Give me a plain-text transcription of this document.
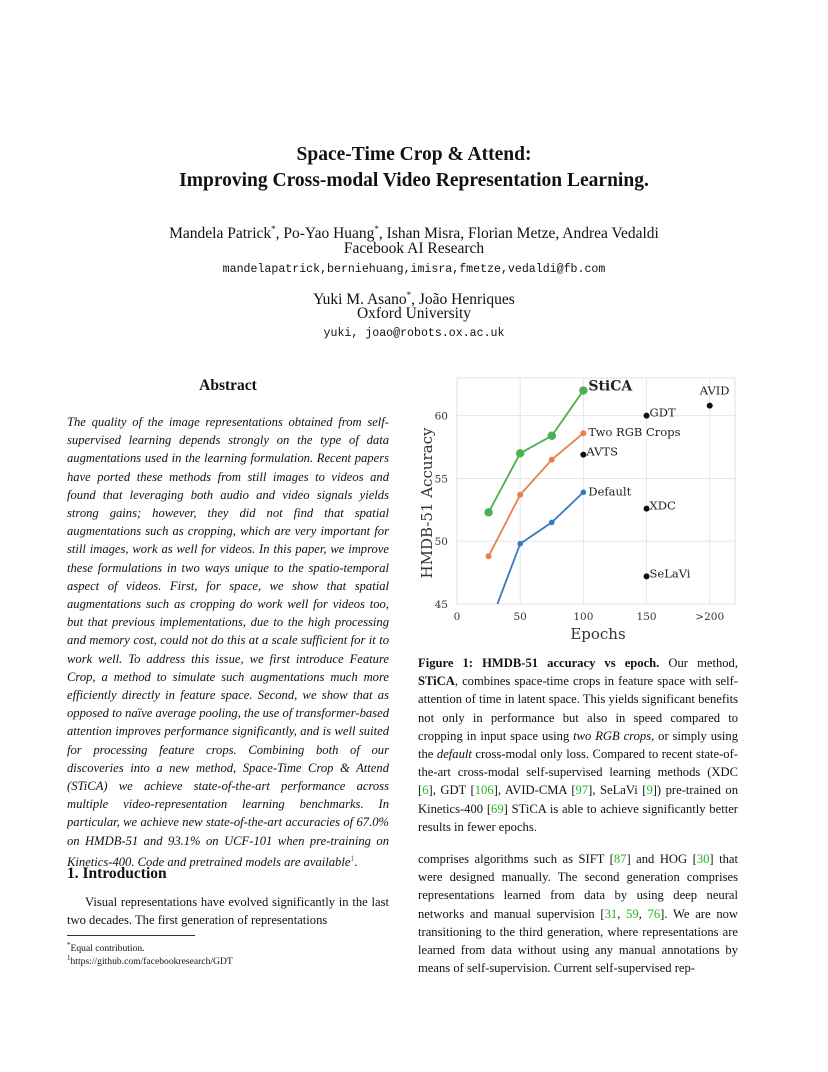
Space-Time Crop & Attend:
Improving Cross-modal Video Representation Learning.
Mandela Patrick*, Po-Yao Huang*, Ishan Misra, Florian Metze, Andrea Vedaldi
Facebook AI Research
mandelapatrick,berniehuang,imisra,fmetze,vedaldi@fb.com
Yuki M. Asano*, João Henriques
Oxford University
yuki, joao@robots.ox.ac.uk
Abstract
The quality of the image representations obtained from self-supervised learning depends strongly on the type of data augmentations used in the learning formulation. Recent papers have ported these methods from still images to videos and found that leveraging both audio and video signals yields strong gains; however, they did not find that spatial augmentations such as cropping, which are very important for still images, work as well for videos. In this paper, we improve these formulations in two ways unique to the spatio-temporal aspect of videos. First, for space, we show that spatial augmentations such as cropping do work well for videos too, but that previous implementations, due to the high processing and memory cost, could not do this at a scale sufficient for it to work well. To address this issue, we first introduce Feature Crop, a method to simulate such augmentations much more efficiently directly in feature space. Second, we show that as opposed to naïve average pooling, the use of transformer-based attention improves performance significantly, and is well suited for processing feature crops. Combining both of our discoveries into a new method, Space-Time Crop & Attend (STiCA) we achieve state-of-the-art performance across multiple video-representation learning benchmarks. In particular, we achieve new state-of-the-art accuracies of 67.0% on HMDB-51 and 93.1% on UCF-101 when pre-training on Kinetics-400. Code and pretrained models are available$^1$.
1. Introduction
Visual representations have evolved significantly in the last two decades. The first generation of representations
*Equal contribution.
$^1$https://github.com/facebookresearch/GDT
0	50	100	150	>200
45
50
55
60
Epochs
HMDB-51 Accuracy
StiCA
Two RGB Crops
Default
AVID
GDT
AVTS
XDC
SeLaVi
Figure 1: HMDB-51 accuracy vs epoch. Our method, STiCA, combines space-time crops in feature space with self-attention of time in latent space. This yields significant benefits not only in performance but also in speed compared to cropping in input space using two RGB crops, or simply using the default cross-modal only loss. Compared to recent state-of-the-art cross-modal self-supervised learning methods (XDC [6], GDT [106], AVID-CMA [97], SeLaVi [9]) pre-trained on Kinetics-400 [69] STiCA is able to achieve significantly better results in fewer epochs.
comprises algorithms such as SIFT [87] and HOG [30] that were designed manually. The second generation comprises representations learned from data by using deep neural networks and manual supervision [31, 59, 76]. We are now transitioning to the third generation, where representations are learned from data without using any manual annotations by means of self-supervision. Current self-supervised rep-
